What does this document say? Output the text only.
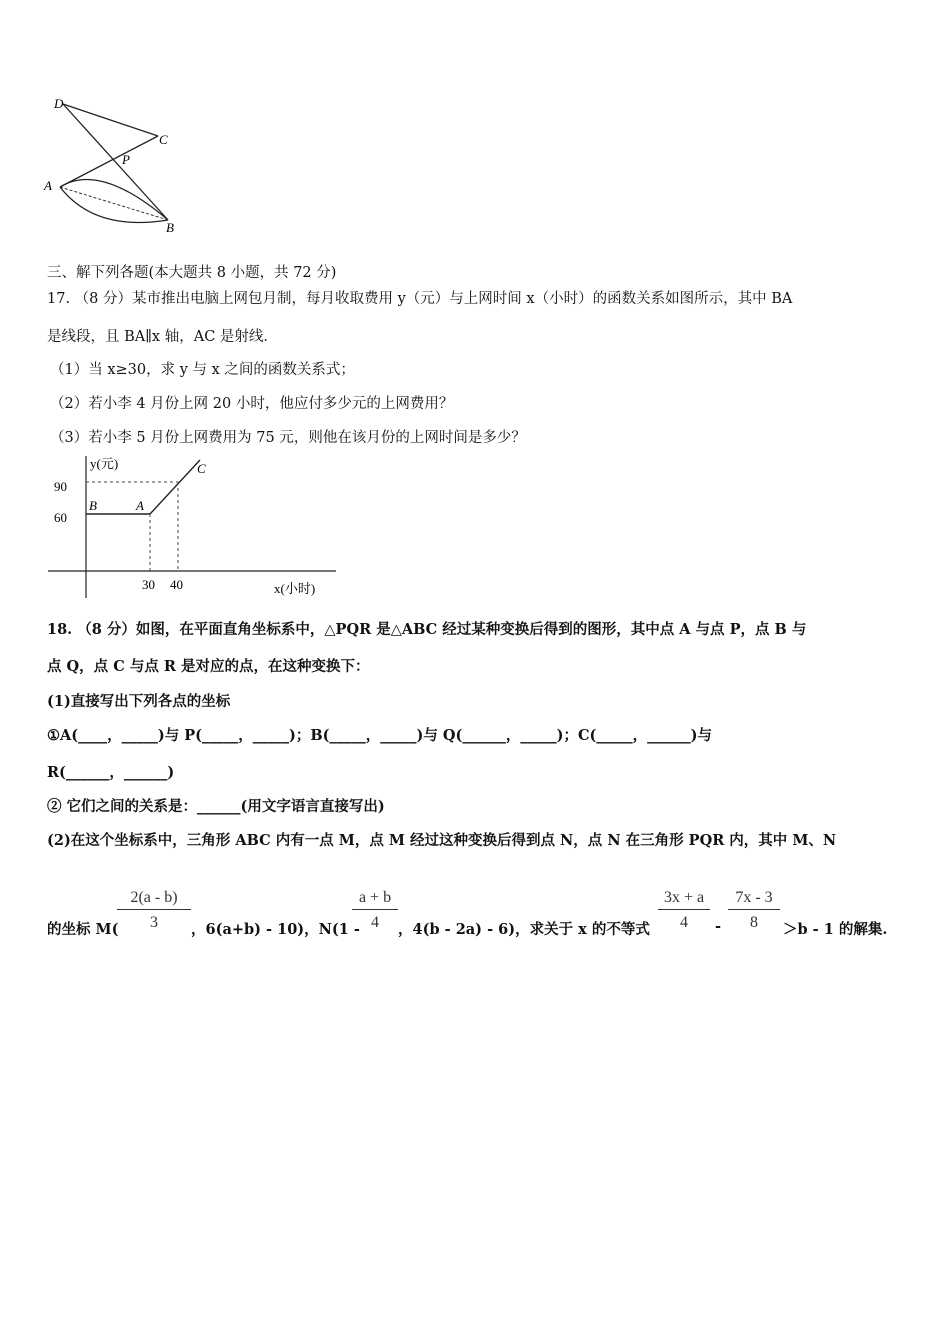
D
C
P
A
B
三、解下列各题(本大题共 8 小题，共 72 分)
17. （8 分）某市推出电脑上网包月制，每月收取费用 y（元）与上网时间 x（小时）的函数关系如图所示，其中 BA
是线段，且 BA∥x 轴，AC 是射线．
（1）当 x≥30，求 y 与 x 之间的函数关系式；
（2）若小李 4 月份上网 20 小时，他应付多少元的上网费用？
（3）若小李 5 月份上网费用为 75 元，则他在该月份的上网时间是多少？
y(元)
90
60
B	A
C
30 40	x(小时)
18. （8 分）如图，在平面直角坐标系中，△PQR 是△ABC 经过某种变换后得到的图形，其中点 A 与点 P，点 B 与
点 Q，点 C 与点 R 是对应的点，在这种变换下：
(1)直接写出下列各点的坐标
①A(____，_____)与 P(_____，_____)；B(_____，_____)与 Q(______，_____)；C(_____，______)与
R(______，______)
② 它们之间的关系是：______(用文字语言直接写出)
(2)在这个坐标系中，三角形 ABC 内有一点 M，点 M 经过这种变换后得到点 N，点 N 在三角形 PQR 内，其中 M、N
的坐标 M(
$\frac{2(a - b)}{3}$ ，6(a+b) - 10)，N(1 -
$\frac{a + b}{4}$ ，4(b - 2a) - 6)，求关于 x 的不等式 $\frac{3x + a}{4} - \frac{7x - 3}{8} >b - 1$ 的解集.
